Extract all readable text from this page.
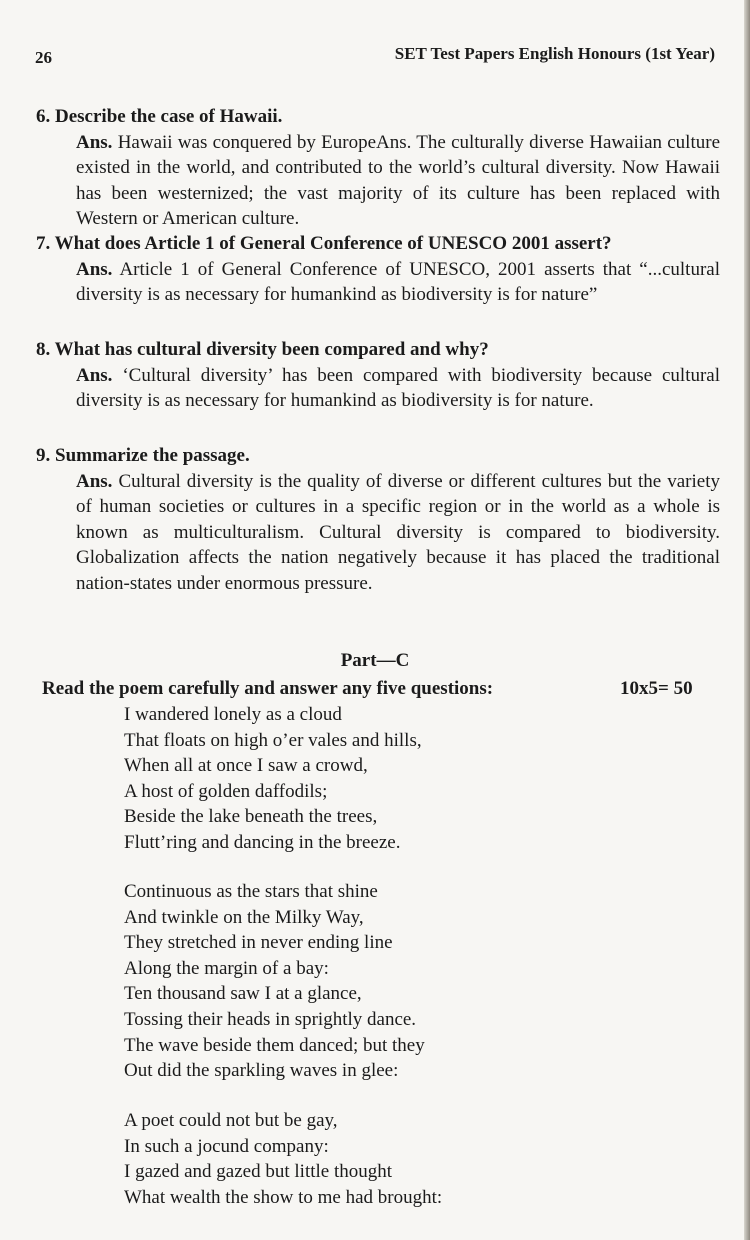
26	SET Test Papers English Honours (1st Year)
6. Describe the case of Hawaii.
Ans. Hawaii was conquered by EuropeAns. The culturally diverse Hawaiian culture existed in the world, and contributed to the world’s cultural diversity. Now Hawaii has been westernized; the vast majority of its culture has been replaced with Western or American culture.
7. What does Article 1 of General Conference of UNESCO 2001 assert?
Ans. Article 1 of General Conference of UNESCO, 2001 asserts that “...cultural diversity is as necessary for humankind as biodiversity is for nature”
8. What has cultural diversity been compared and why?
Ans. ‘Cultural diversity’ has been compared with biodiversity because cultural diversity is as necessary for humankind as biodiversity is for nature.
9. Summarize the passage.
Ans. Cultural diversity is the quality of diverse or different cultures but the variety of human societies or cultures in a specific region or in the world as a whole is known as multiculturalism. Cultural diversity is compared to biodiversity. Globalization affects the nation negatively because it has placed the traditional nation-states under enormous pressure.
Part—C
Read the poem carefully and answer any five questions:	10x5= 50
I wandered lonely as a cloud
That floats on high o’er vales and hills,
When all at once I saw a crowd,
A host of golden daffodils;
Beside the lake beneath the trees,
Flutt’ring and dancing in the breeze.
Continuous as the stars that shine
And twinkle on the Milky Way,
They stretched in never ending line
Along the margin of a bay:
Ten thousand saw I at a glance,
Tossing their heads in sprightly dance.
The wave beside them danced; but they
Out did the sparkling waves in glee:
A poet could not but be gay,
In such a jocund company:
I gazed and gazed but little thought
What wealth the show to me had brought:
